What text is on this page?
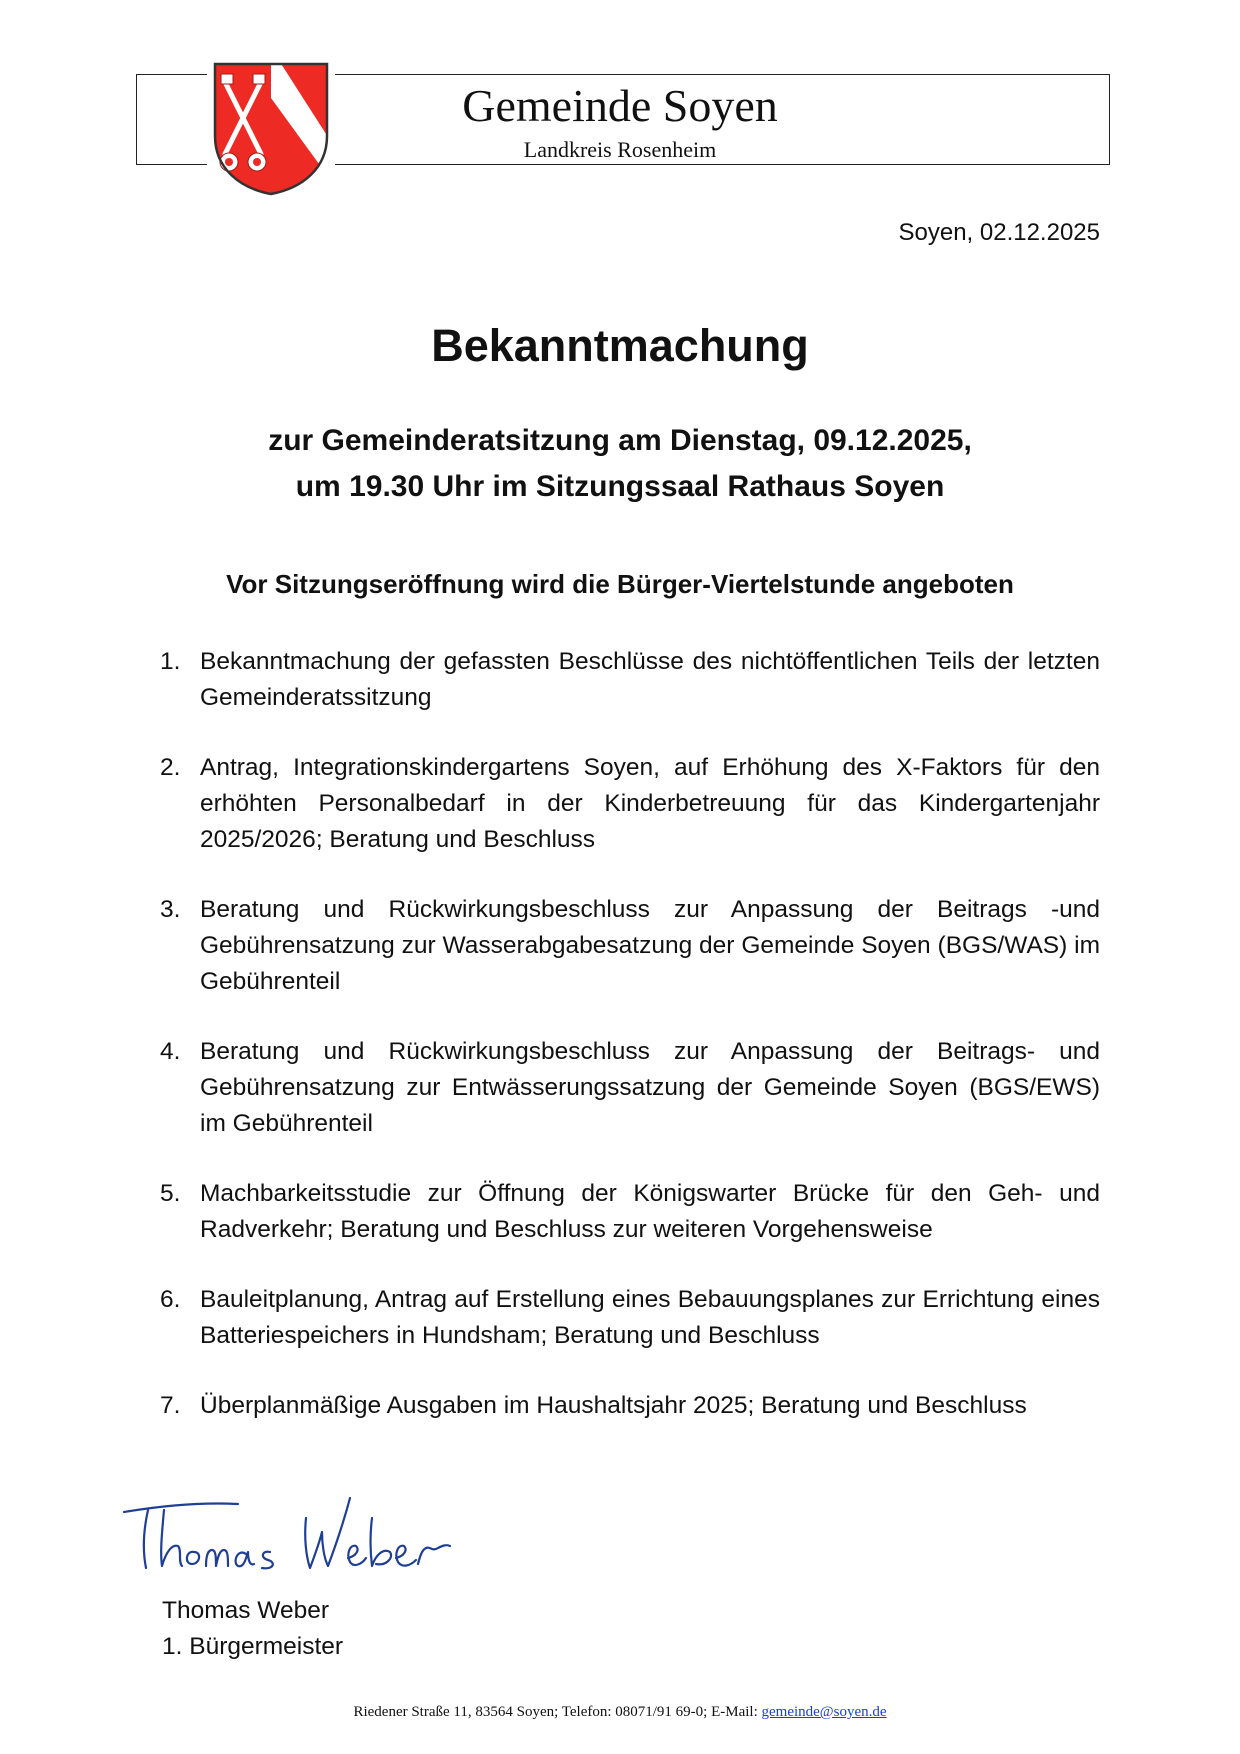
Gemeinde Soyen
Landkreis Rosenheim
Soyen, 02.12.2025
Bekanntmachung
zur Gemeinderatsitzung am Dienstag, 09.12.2025,
um 19.30 Uhr im Sitzungssaal Rathaus Soyen
Vor Sitzungseröffnung wird die Bürger-Viertelstunde angeboten
1. Bekanntmachung der gefassten Beschlüsse des nichtöffentlichen Teils der letzten Gemeinderatssitzung
2. Antrag, Integrationskindergartens Soyen, auf Erhöhung des X-Faktors für den erhöhten Personalbedarf in der Kinderbetreuung für das Kindergartenjahr 2025/2026; Beratung und Beschluss
3. Beratung und Rückwirkungsbeschluss zur Anpassung der Beitrags -und Gebührensatzung zur Wasserabgabesatzung der Gemeinde Soyen (BGS/WAS) im Gebührenteil
4. Beratung und Rückwirkungsbeschluss zur Anpassung der Beitrags- und Gebührensatzung zur Entwässerungssatzung der Gemeinde Soyen (BGS/EWS) im Gebührenteil
5. Machbarkeitsstudie zur Öffnung der Königswarter Brücke für den Geh- und Radverkehr; Beratung und Beschluss zur weiteren Vorgehensweise
6. Bauleitplanung, Antrag auf Erstellung eines Bebauungsplanes zur Errichtung eines Batteriespeichers in Hundsham; Beratung und Beschluss
7. Überplanmäßige Ausgaben im Haushaltsjahr 2025; Beratung und Beschluss
Thomas Weber
1. Bürgermeister
Riedener Straße 11, 83564 Soyen; Telefon: 08071/91 69-0; E-Mail: gemeinde@soyen.de
